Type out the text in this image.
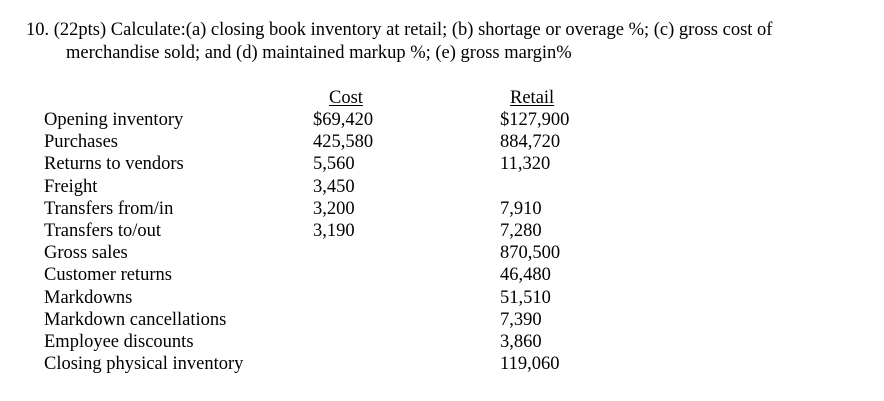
10. (22pts) Calculate:(a) closing book inventory at retail; (b) shortage or overage %; (c) gross cost of
merchandise sold; and (d) maintained markup %; (e) gross margin%
Opening inventory
Purchases
Returns to vendors
Freight
Transfers from/in
Transfers to/out
Gross sales
Customer returns
Markdowns
Markdown cancellations
Employee discounts
Closing physical inventory
Cost
$69,420
425,580
5,560
3,450
3,200
3,190
Retail
$127,900
884,720
11,320
7,910
7,280
870,500
46,480
51,510
7,390
3,860
119,060
